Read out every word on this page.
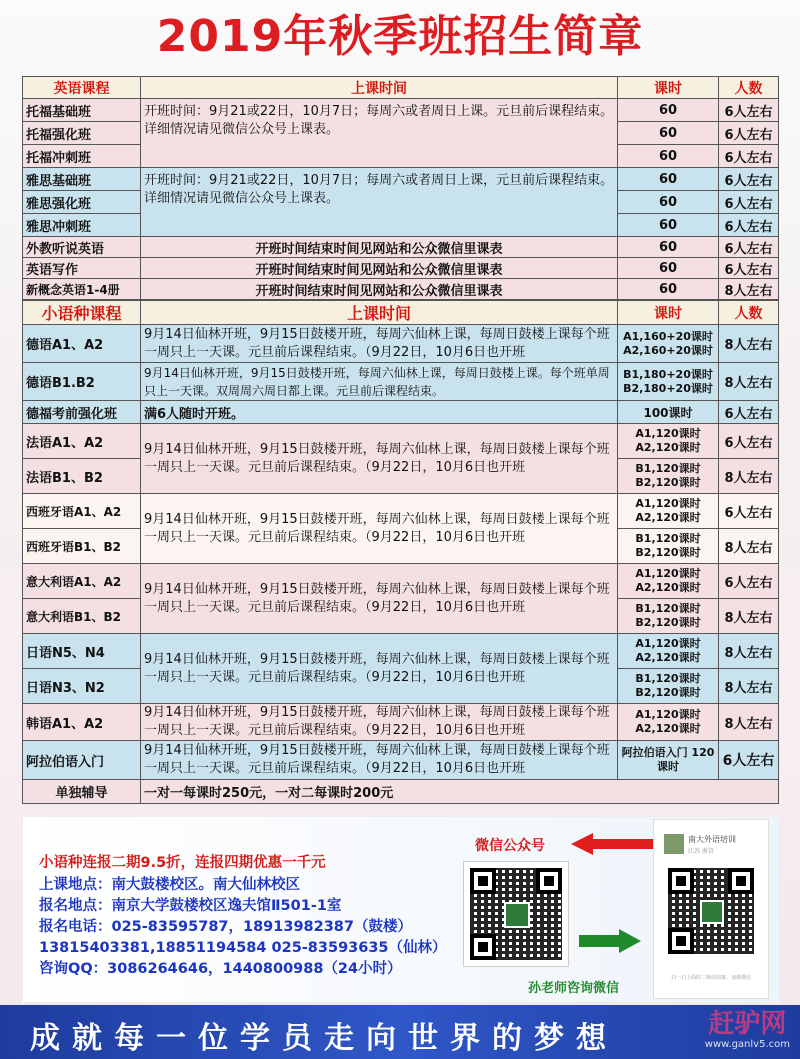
2019年秋季班招生简章
英语课程	上课时间	课时	人数
托福基础班	开班时间：9月21或22日，10月7日；每周六或者周日上课。元旦前后课程结束。详细情况请见微信公众号上课表。	60	6人左右
托福强化班		60	6人左右
托福冲刺班		60	6人左右
雅思基础班	开班时间：9月21或22日，10月7日；每周六或者周日上课，元旦前后课程结束。详细情况请见微信公众号上课表。	60	6人左右
雅思强化班		60	6人左右
雅思冲刺班		60	6人左右
外教听说英语	开班时间结束时间见网站和公众微信里课表	60	6人左右
英语写作	开班时间结束时间见网站和公众微信里课表	60	6人左右
新概念英语1-4册	开班时间结束时间见网站和公众微信里课表	60	8人左右
小语种课程	上课时间	课时	人数
德语A1、A2	9月14日仙林开班，9月15日鼓楼开班，每周六仙林上课，每周日鼓楼上课每个班一周只上一天课。元旦前后课程结束。（9月22日，10月6日也开班	A1,160+20课时 A2,160+20课时	8人左右
德语B1.B2	9月14日仙林开班，9月15日鼓楼开班，每周六仙林上课，每周日鼓楼上课。每个班单周只上一天课。双周周六周日都上课。元旦前后课程结束。	B1,180+20课时 B2,180+20课时	8人左右
德福考前强化班	满6人随时开班。	100课时	6人左右
法语A1、A2	9月14日仙林开班，9月15日鼓楼开班，每周六仙林上课，每周日鼓楼上课每个班一周只上一天课。元旦前后课程结束。（9月22日，10月6日也开班	A1,120课时 A2,120课时	6人左右
法语B1、B2		B1,120课时 B2,120课时	8人左右
西班牙语A1、A2	9月14日仙林开班，9月15日鼓楼开班，每周六仙林上课，每周日鼓楼上课每个班一周只上一天课。元旦前后课程结束。（9月22日，10月6日也开班	A1,120课时 A2,120课时	6人左右
西班牙语B1、B2		B1,120课时 B2,120课时	8人左右
意大利语A1、A2	9月14日仙林开班，9月15日鼓楼开班，每周六仙林上课，每周日鼓楼上课每个班一周只上一天课。元旦前后课程结束。（9月22日，10月6日也开班	A1,120课时 A2,120课时	6人左右
意大利语B1、B2		B1,120课时 B2,120课时	8人左右
日语N5、N4	9月14日仙林开班，9月15日鼓楼开班，每周六仙林上课，每周日鼓楼上课每个班一周只上一天课。元旦前后课程结束。（9月22日，10月6日也开班	A1,120课时 A2,120课时	8人左右
日语N3、N2		B1,120课时 B2,120课时	8人左右
韩语A1、A2	9月14日仙林开班，9月15日鼓楼开班，每周六仙林上课，每周日鼓楼上课每个班一周只上一天课。元旦前后课程结束。（9月22日，10月6日也开班	A1,120课时 A2,120课时	8人左右
阿拉伯语入门	9月14日仙林开班，9月15日鼓楼开班，每周六仙林上课，每周日鼓楼上课每个班一周只上一天课。元旦前后课程结束。（9月22日，10月6日也开班	阿拉伯语入门 120课时	6人左右
单独辅导	一对一每课时250元，一对二每课时200元		
小语种连报二期9.5折，连报四期优惠一千元
上课地点：南大鼓楼校区。南大仙林校区
报名地点：南京大学鼓楼校区逸夫馆Ⅱ501-1室
报名电话：025-83595787，18913982387（鼓楼）
13815403381,18851194584 025-83593635（仙林）
咨询QQ：3086264646，1440800988（24小时）
微信公众号
孙老师咨询微信
南大外语培训
江苏 南京
扫一扫上面的二维码图案，加我微信
成就每一位学员走向世界的梦想	赶驴网
www.ganlv5.com
